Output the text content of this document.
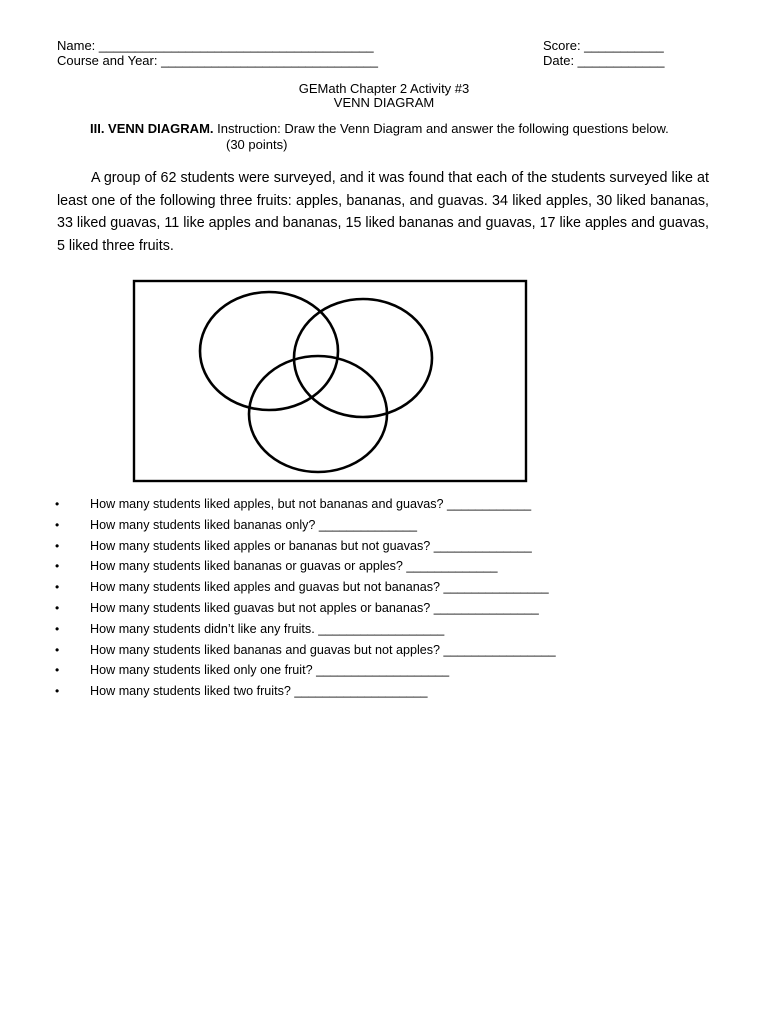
Name: ______________________________________
Course and Year: ______________________________
Score: ___________
Date: ____________
GEMath Chapter 2 Activity #3
VENN DIAGRAM
III. VENN DIAGRAM. Instruction: Draw the Venn Diagram and answer the following questions below.
(30 points)
A group of 62 students were surveyed, and it was found that each of the students surveyed like at least one of the following three fruits: apples, bananas, and guavas. 34 liked apples, 30 liked bananas, 33 liked guavas, 11 like apples and bananas, 15 liked bananas and guavas, 17 like apples and guavas, 5 liked three fruits.
• How many students liked apples, but not bananas and guavas? ____________
• How many students liked bananas only? ______________
• How many students liked apples or bananas but not guavas? ______________
• How many students liked bananas or guavas or apples? _____________
• How many students liked apples and guavas but not bananas? _______________
• How many students liked guavas but not apples or bananas? _______________
• How many students didn’t like any fruits. __________________
• How many students liked bananas and guavas but not apples? ________________
• How many students liked only one fruit? ___________________
• How many students liked two fruits? ___________________
